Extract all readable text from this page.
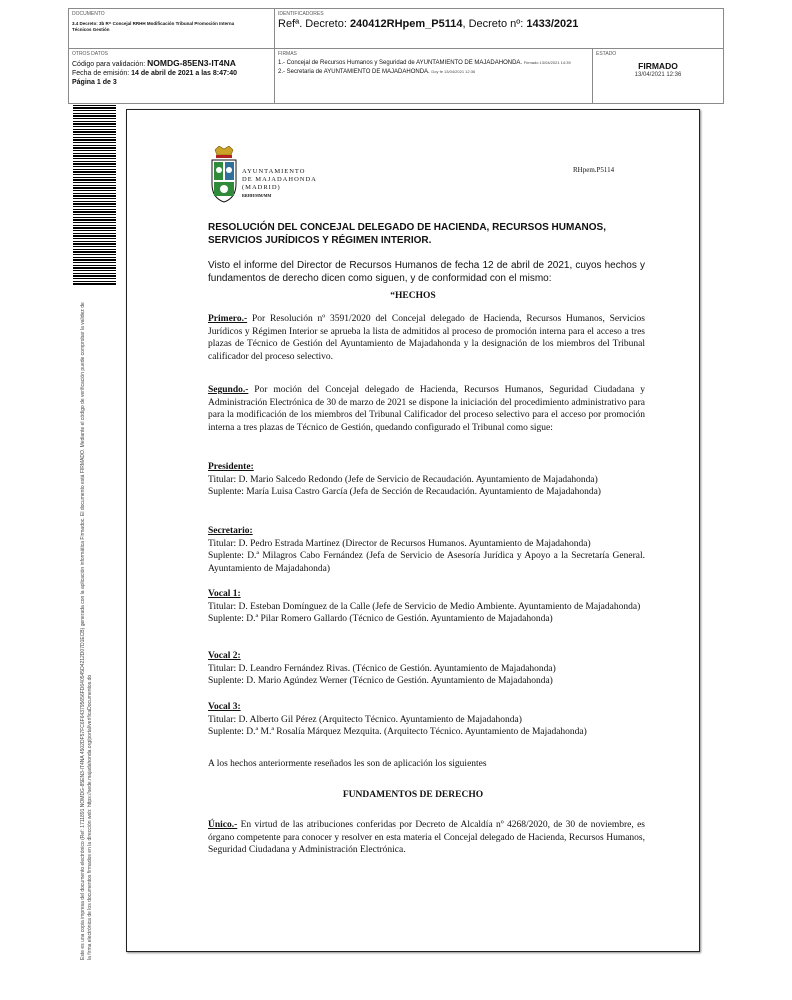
DOCUMENTO
3.4 Decreto: 3b R^ Concejal RRHH Modificación Tribunal Promoción Interna Técnicos Gestión
IDENTIFICADORES
Refª. Decreto: 240412RHpem_P5114, Decreto nº: 1433/2021
OTROS DATOS
Código para validación: NOMDG-85EN3-IT4NA
Fecha de emisión: 14 de abril de 2021 a las 8:47:40
Página 1 de 3
FIRMAS
1.- Concejal de Recursos Humanos y Seguridad de AYUNTAMIENTO DE MAJADAHONDA. Firmado 13/04/2021 14:39
2.- Secretaria de AYUNTAMIENTO DE MAJADAHONDA. Doy fe 13/04/2021 12:36
ESTADO
FIRMADO
13/04/2021 12:36
Este es una copia impresa del documento electrónico (Ref: 1711891 NOMDG-85EN3-IT4NA 4502DF57FC6F643795656FD640545D4212D07D1ECB) generada con la aplicación informática Firmadoc. El documento está FIRMADO. Mediante el código de verificación puede comprobar la validez de la firma electrónica de los documentos firmados en la dirección web: https://sede.majadahonda.org/portal/verificaDocumentos.do
AYUNTAMIENTO
DE MAJADAHONDA
(MADRID)
RRHH/MM/MM
RHpem.P5114
RESOLUCIÓN DEL CONCEJAL DELEGADO DE HACIENDA, RECURSOS HUMANOS, SERVICIOS JURÍDICOS Y RÉGIMEN INTERIOR.
Visto el informe del Director de Recursos Humanos de fecha 12 de abril de 2021, cuyos hechos y fundamentos de derecho dicen como siguen, y de conformidad con el mismo:
“HECHOS
Primero.- Por Resolución nº 3591/2020 del Concejal delegado de Hacienda, Recursos Humanos, Servicios Jurídicos y Régimen Interior se aprueba la lista de admitidos al proceso de promoción interna para el acceso a tres plazas de Técnico de Gestión del Ayuntamiento de Majadahonda y la designación de los miembros del Tribunal calificador del proceso selectivo.
Segundo.- Por moción del Concejal delegado de Hacienda, Recursos Humanos, Seguridad Ciudadana y Administración Electrónica de 30 de marzo de 2021 se dispone la iniciación del procedimiento administrativo para para la modificación de los miembros del Tribunal Calificador del proceso selectivo para el acceso por promoción interna a tres plazas de Técnico de Gestión, quedando configurado el Tribunal como sigue:
Presidente:
Titular: D. Mario Salcedo Redondo (Jefe de Servicio de Recaudación. Ayuntamiento de Majadahonda)
Suplente: María Luisa Castro García (Jefa de Sección de Recaudación. Ayuntamiento de Majadahonda)
Secretario:
Titular: D. Pedro Estrada Martínez (Director de Recursos Humanos. Ayuntamiento de Majadahonda)
Suplente: D.ª Milagros Cabo Fernández (Jefa de Servicio de Asesoría Jurídica y Apoyo a la Secretaría General. Ayuntamiento de Majadahonda)
Vocal 1:
Titular: D. Esteban Domínguez de la Calle (Jefe de Servicio de Medio Ambiente. Ayuntamiento de Majadahonda)
Suplente: D.ª Pilar Romero Gallardo (Técnico de Gestión. Ayuntamiento de Majadahonda)
Vocal 2:
Titular: D. Leandro Fernández Rivas. (Técnico de Gestión. Ayuntamiento de Majadahonda)
Suplente: D. Mario Agúndez Werner (Técnico de Gestión. Ayuntamiento de Majadahonda)
Vocal 3:
Titular: D. Alberto Gil Pérez (Arquitecto Técnico. Ayuntamiento de Majadahonda)
Suplente: D.ª M.ª Rosalía Márquez Mezquita. (Arquitecto Técnico. Ayuntamiento de Majadahonda)
A los hechos anteriormente reseñados les son de aplicación los siguientes
FUNDAMENTOS DE DERECHO
Único.- En virtud de las atribuciones conferidas por Decreto de Alcaldía nº 4268/2020, de 30 de noviembre, es órgano competente para conocer y resolver en esta materia el Concejal delegado de Hacienda, Recursos Humanos, Seguridad Ciudadana y Administración Electrónica.
